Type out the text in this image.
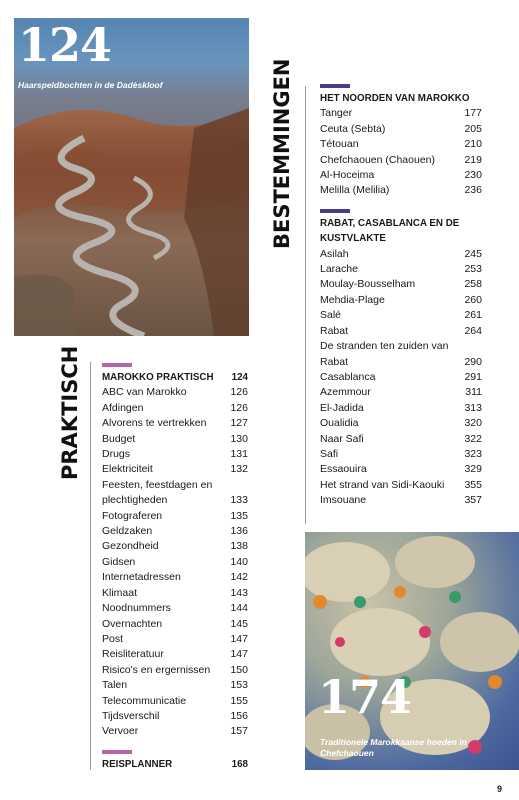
124
Haarspeldbochten in de Dadèskloof
174
Traditionele Marokkaanse hoeden in Chefchaouen
BESTEMMINGEN
PRAKTISCH
HET NOORDEN VAN MAROKKO
Tanger	177
Ceuta (Sebta)	205
Tétouan	210
Chefchaouen (Chaouen)	219
Al-Hoceima	230
Melilla (Melilia)	236
RABAT, CASABLANCA EN DE KUSTVLAKTE
Asilah	245
Larache	253
Moulay-Bousselham	258
Mehdia-Plage	260
Salé	261
Rabat	264
De stranden ten zuiden van Rabat	290
Casablanca	291
Azemmour	311
El-Jadida	313
Oualidia	320
Naar Safi	322
Safi	323
Essaouira	329
Het strand van Sidi-Kaouki	355
Imsouane	357
MAROKKO PRAKTISCH 124
ABC van Marokko	126
Afdingen	126
Alvorens te vertrekken	127
Budget	130
Drugs	131
Elektriciteit	132
Feesten, feestdagen en plechtigheden	133
Fotograferen	135
Geldzaken	136
Gezondheid	138
Gidsen	140
Internetadressen	142
Klimaat	143
Noodnummers	144
Overnachten	145
Post	147
Reisliteratuur	147
Risico's en ergernissen	150
Talen	153
Telecommunicatie	155
Tijdsverschil	156
Vervoer	157
REISPLANNER	168
9
